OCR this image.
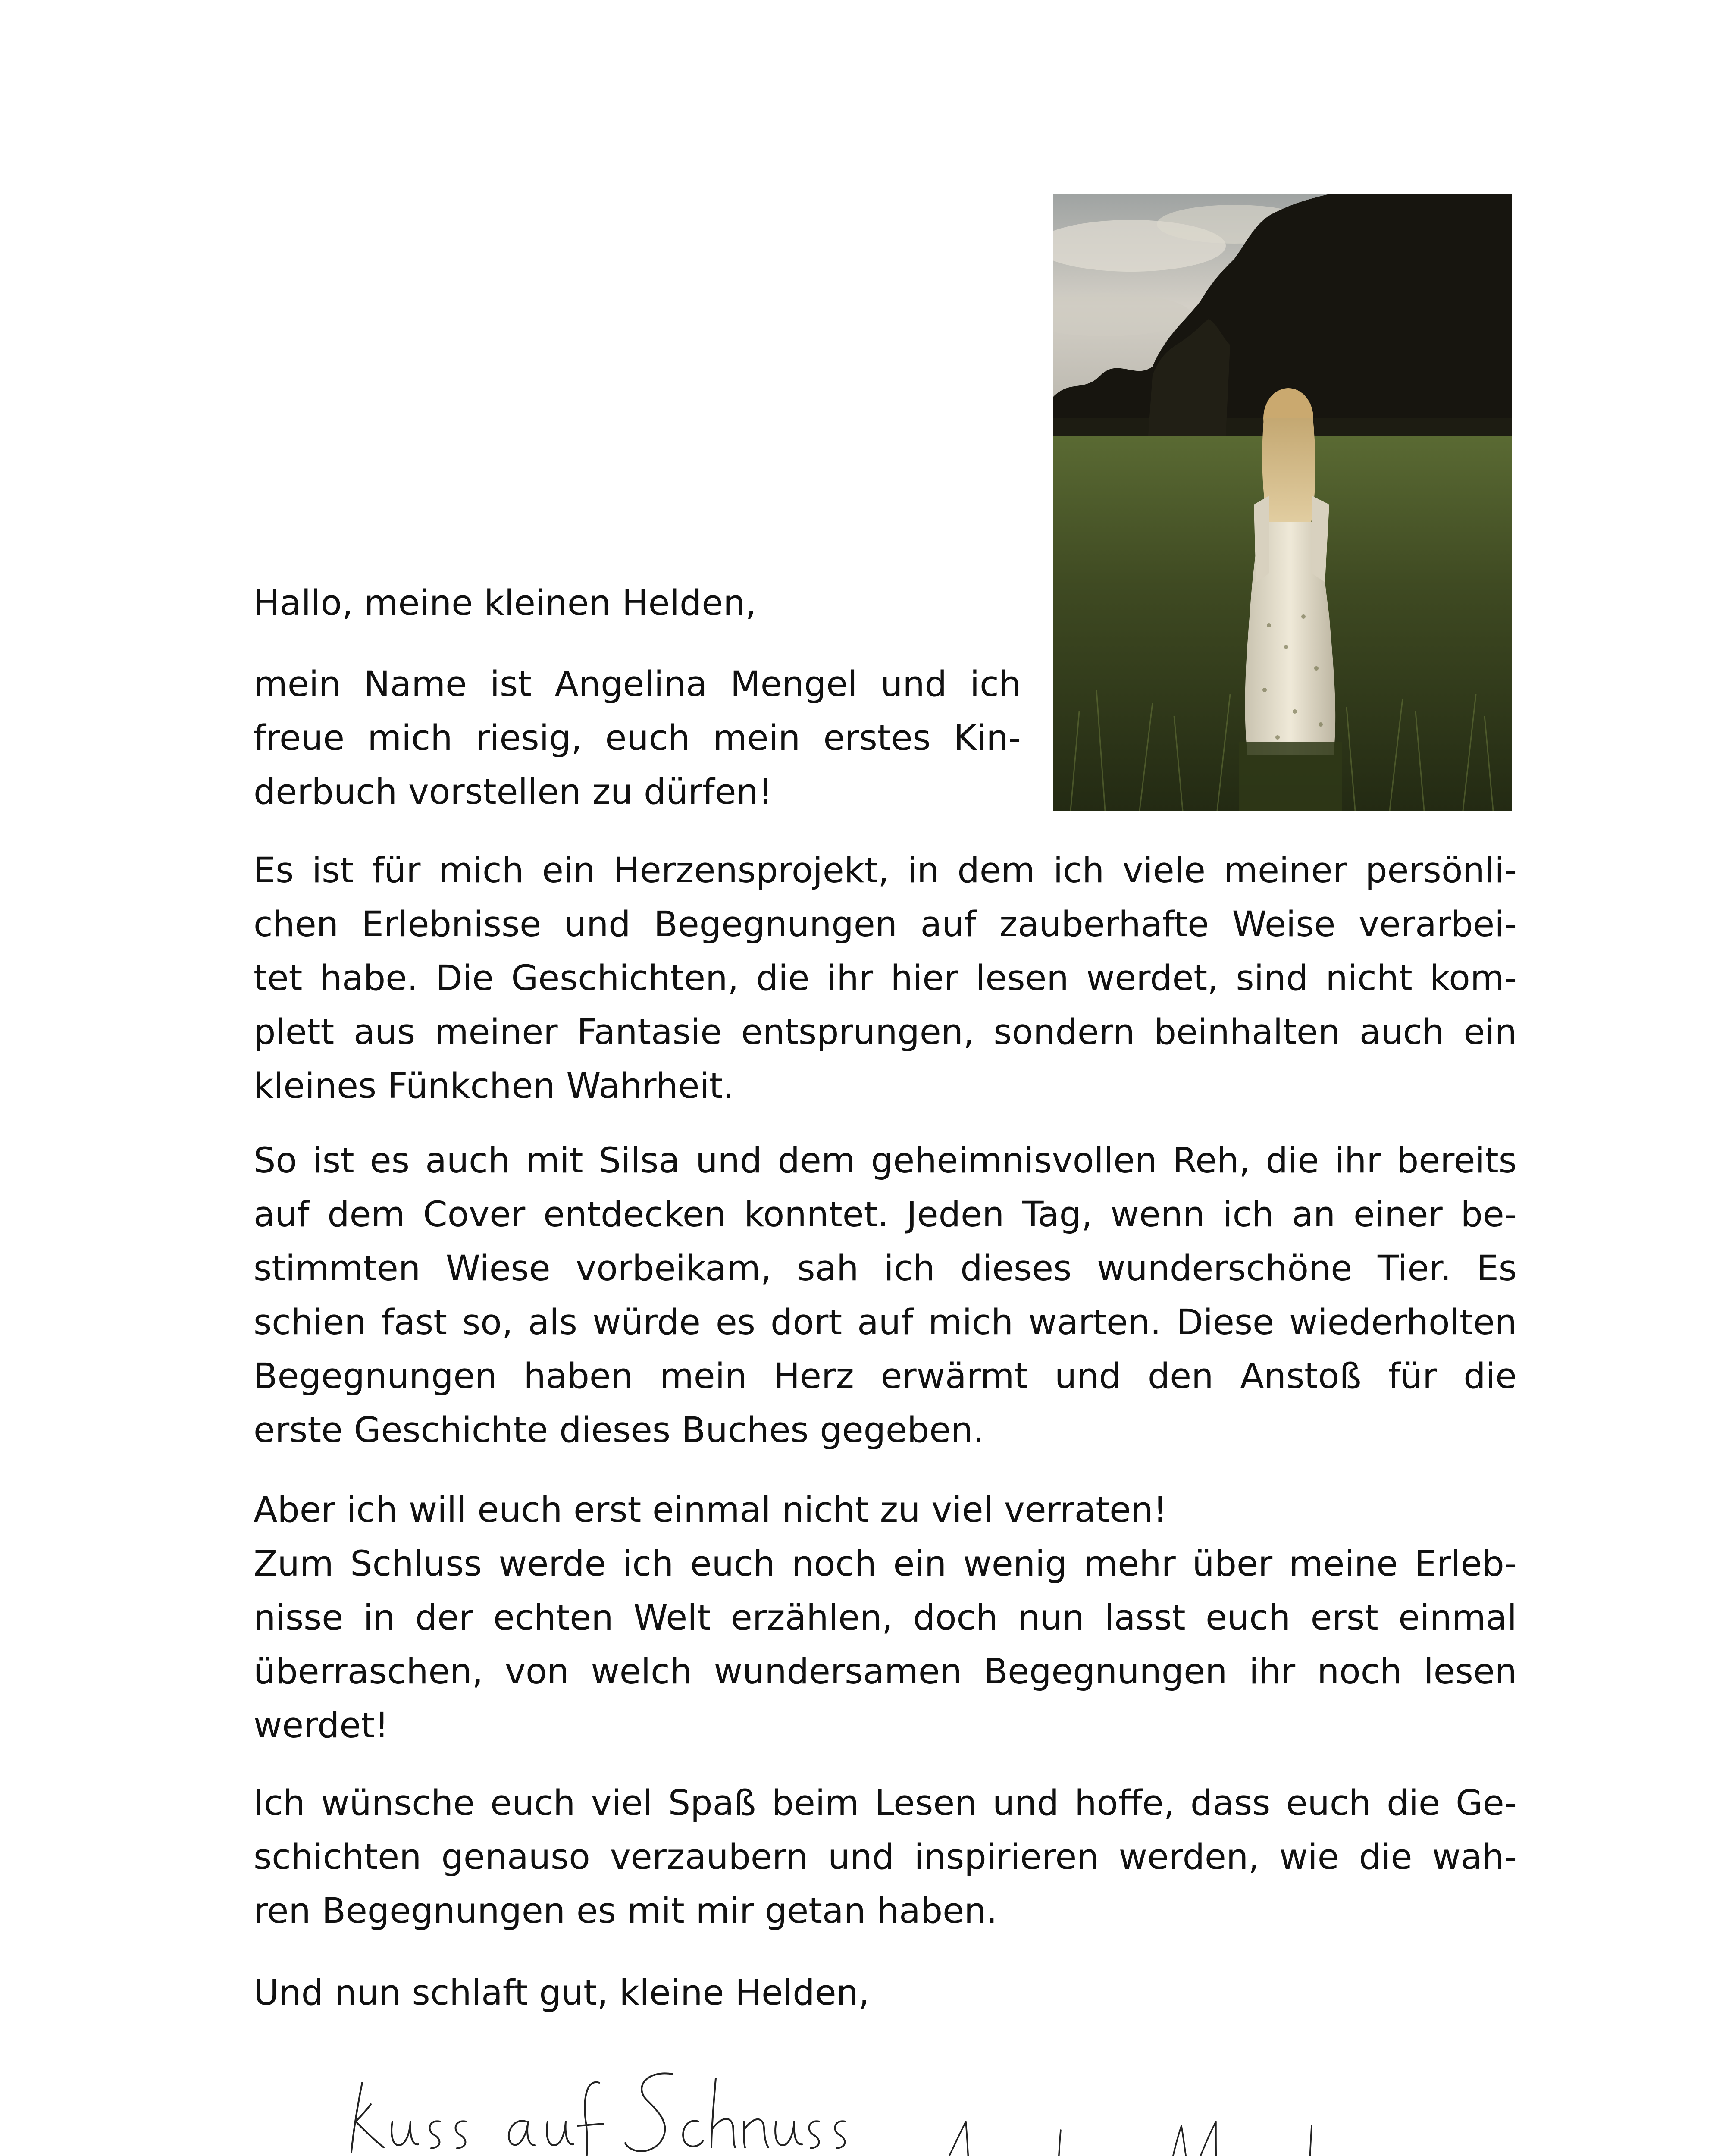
Hallo, meine kleinen Helden,

mein Name ist Angelina Mengel und ich
freue mich riesig, euch mein erstes Kin-
derbuch vorstellen zu dürfen!

Es ist für mich ein Herzensprojekt, in dem ich viele meiner persönli-
chen Erlebnisse und Begegnungen auf zauberhafte Weise verarbei-
tet habe. Die Geschichten, die ihr hier lesen werdet, sind nicht kom-
plett aus meiner Fantasie entsprungen, sondern beinhalten auch ein
kleines Fünkchen Wahrheit.

So ist es auch mit Silsa und dem geheimnisvollen Reh, die ihr bereits
auf dem Cover entdecken konntet. Jeden Tag, wenn ich an einer be-
stimmten Wiese vorbeikam, sah ich dieses wunderschöne Tier. Es
schien fast so, als würde es dort auf mich warten. Diese wiederholten
Begegnungen haben mein Herz erwärmt und den Anstoß für die
erste Geschichte dieses Buches gegeben.

Aber ich will euch erst einmal nicht zu viel verraten!
Zum Schluss werde ich euch noch ein wenig mehr über meine Erleb-
nisse in der echten Welt erzählen, doch nun lasst euch erst einmal
überraschen, von welch wundersamen Begegnungen ihr noch lesen
werdet!

Ich wünsche euch viel Spaß beim Lesen und hoffe, dass euch die Ge-
schichten genauso verzaubern und inspirieren werden, wie die wah-
ren Begegnungen es mit mir getan haben.

Und nun schlaft gut, kleine Helden,
